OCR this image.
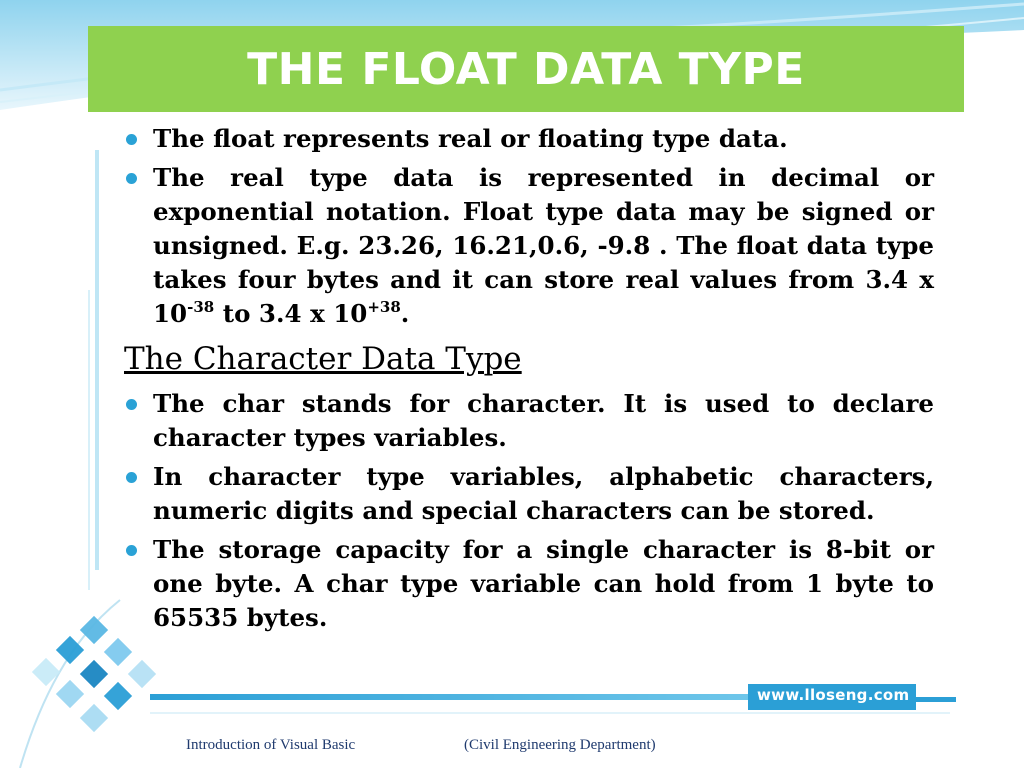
THE FLOAT DATA TYPE
The float represents real or floating type data.
The real type data is represented in decimal or exponential notation. Float type data may be signed or unsigned. E.g. 23.26, 16.21,0.6, -9.8 . The float data type takes four bytes and it can store real values from 3.4 x $10^{-38}$ to 3.4 x $10^{+38}$.
The Character Data Type
The char stands for character. It is used to declare character types variables.
In character type variables, alphabetic characters, numeric digits and special characters can be stored.
The storage capacity for a single character is 8-bit or one byte. A char type variable can hold from 1 byte to 65535 bytes.
www.lloseng.com
Introduction of Visual Basic	(Civil Engineering Department)
